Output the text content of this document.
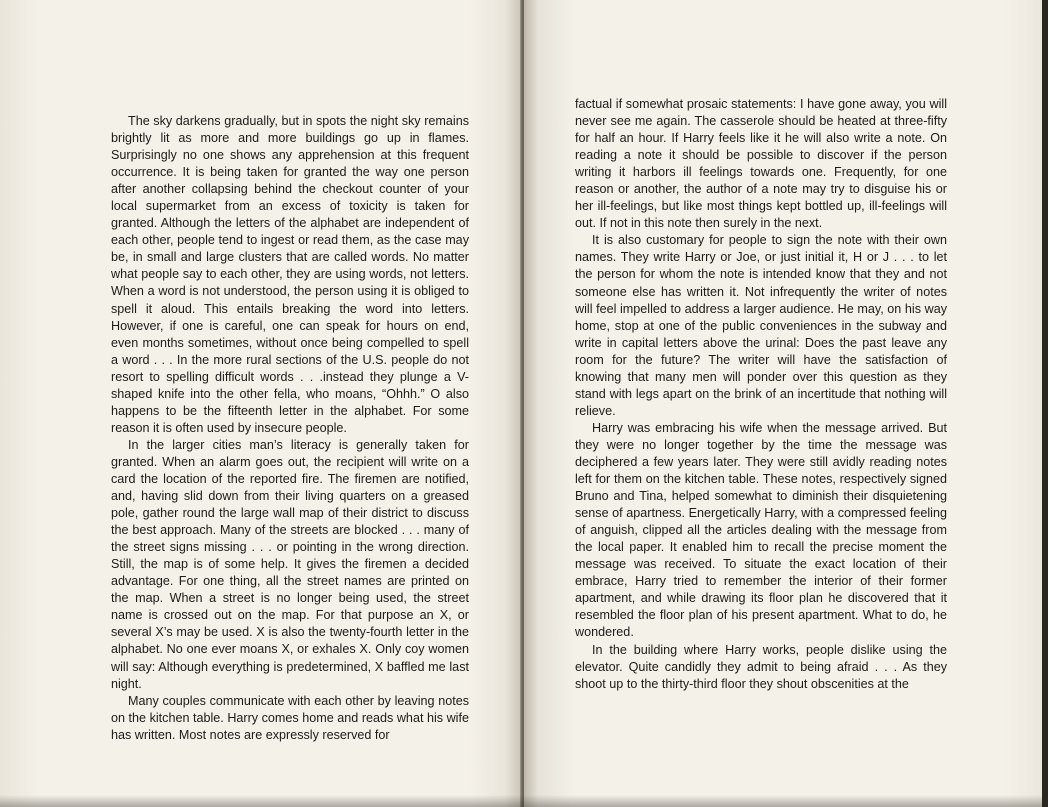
The sky darkens gradually, but in spots the night sky remains brightly lit as more and more buildings go up in flames. Surprisingly no one shows any apprehension at this frequent occurrence. It is being taken for granted the way one person after another collapsing behind the checkout counter of your local supermarket from an excess of toxicity is taken for granted. Although the letters of the alphabet are independent of each other, people tend to ingest or read them, as the case may be, in small and large clusters that are called words. No matter what people say to each other, they are using words, not letters. When a word is not understood, the person using it is obliged to spell it aloud. This entails breaking the word into letters. However, if one is careful, one can speak for hours on end, even months sometimes, without once being compelled to spell a word . . . In the more rural sections of the U.S. people do not resort to spelling difficult words . . .instead they plunge a V-shaped knife into the other fella, who moans, “Ohhh.” O also happens to be the fifteenth letter in the alphabet. For some reason it is often used by insecure people.

In the larger cities man’s literacy is generally taken for granted. When an alarm goes out, the recipient will write on a card the location of the reported fire. The firemen are notified, and, having slid down from their living quarters on a greased pole, gather round the large wall map of their district to discuss the best approach. Many of the streets are blocked . . . many of the street signs missing . . . or pointing in the wrong direction. Still, the map is of some help. It gives the firemen a decided advantage. For one thing, all the street names are printed on the map. When a street is no longer being used, the street name is crossed out on the map. For that purpose an X, or several X’s may be used. X is also the twenty-fourth letter in the alphabet. No one ever moans X, or exhales X. Only coy women will say: Although everything is predetermined, X baffled me last night.

Many couples communicate with each other by leaving notes on the kitchen table. Harry comes home and reads what his wife has written. Most notes are expressly reserved for

factual if somewhat prosaic statements: I have gone away, you will never see me again. The casserole should be heated at three-fifty for half an hour. If Harry feels like it he will also write a note. On reading a note it should be possible to discover if the person writing it harbors ill feelings towards one. Frequently, for one reason or another, the author of a note may try to disguise his or her ill-feelings, but like most things kept bottled up, ill-feelings will out. If not in this note then surely in the next.

It is also customary for people to sign the note with their own names. They write Harry or Joe, or just initial it, H or J . . . to let the person for whom the note is intended know that they and not someone else has written it. Not infrequently the writer of notes will feel impelled to address a larger audience. He may, on his way home, stop at one of the public conveniences in the subway and write in capital letters above the urinal: Does the past leave any room for the future? The writer will have the satisfaction of knowing that many men will ponder over this question as they stand with legs apart on the brink of an incertitude that nothing will relieve.

Harry was embracing his wife when the message arrived. But they were no longer together by the time the message was deciphered a few years later. They were still avidly reading notes left for them on the kitchen table. These notes, respectively signed Bruno and Tina, helped somewhat to diminish their disquietening sense of apartness. Energetically Harry, with a compressed feeling of anguish, clipped all the articles dealing with the message from the local paper. It enabled him to recall the precise moment the message was received. To situate the exact location of their embrace, Harry tried to remember the interior of their former apartment, and while drawing its floor plan he discovered that it resembled the floor plan of his present apartment. What to do, he wondered.

In the building where Harry works, people dislike using the elevator. Quite candidly they admit to being afraid . . . As they shoot up to the thirty-third floor they shout obscenities at the
